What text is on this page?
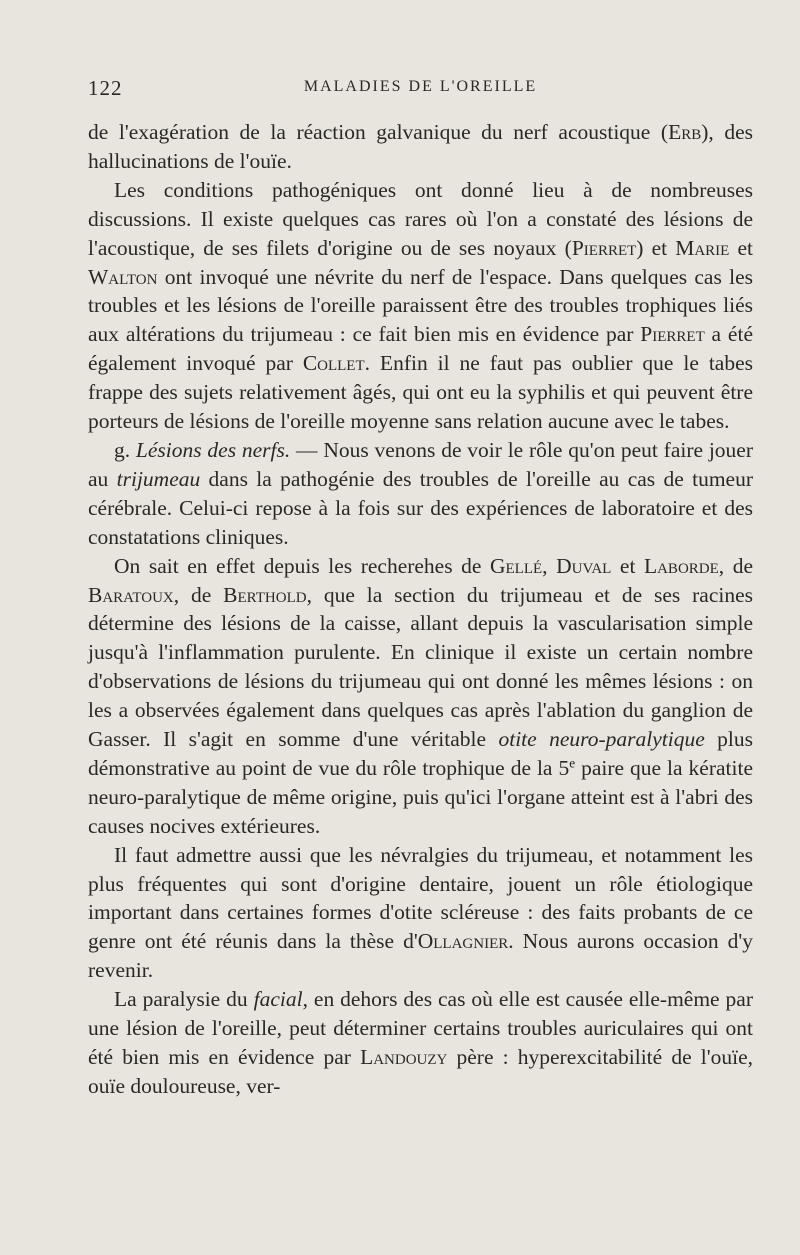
122	MALADIES DE L'OREILLE

de l'exagération de la réaction galvanique du nerf acoustique (Erb), des hallucinations de l'ouïe.

Les conditions pathogéniques ont donné lieu à de nombreuses discussions. Il existe quelques cas rares où l'on a constaté des lésions de l'acoustique, de ses filets d'origine ou de ses noyaux (Pierret) et Marie et Walton ont invoqué une névrite du nerf de l'espace. Dans quelques cas les troubles et les lésions de l'oreille paraissent être des troubles trophiques liés aux altérations du trijumeau : ce fait bien mis en évidence par Pierret a été également invoqué par Collet. Enfin il ne faut pas oublier que le tabes frappe des sujets relativement âgés, qui ont eu la syphilis et qui peuvent être porteurs de lésions de l'oreille moyenne sans relation aucune avec le tabes.

g. Lésions des nerfs. — Nous venons de voir le rôle qu'on peut faire jouer au trijumeau dans la pathogénie des troubles de l'oreille au cas de tumeur cérébrale. Celui-ci repose à la fois sur des expériences de laboratoire et des constatations cliniques.

On sait en effet depuis les recherehes de Gellé, Duval et Laborde, de Baratoux, de Berthold, que la section du trijumeau et de ses racines détermine des lésions de la caisse, allant depuis la vascularisation simple jusqu'à l'inflammation purulente. En clinique il existe un certain nombre d'observations de lésions du trijumeau qui ont donné les mêmes lésions : on les a observées également dans quelques cas après l'ablation du ganglion de Gasser. Il s'agit en somme d'une véritable otite neuro-paralytique plus démonstrative au point de vue du rôle trophique de la 5e paire que la kératite neuro-paralytique de même origine, puis qu'ici l'organe atteint est à l'abri des causes nocives extérieures.

Il faut admettre aussi que les névralgies du trijumeau, et notamment les plus fréquentes qui sont d'origine dentaire, jouent un rôle étiologique important dans certaines formes d'otite scléreuse : des faits probants de ce genre ont été réunis dans la thèse d'Ollagnier. Nous aurons occasion d'y revenir.

La paralysie du facial, en dehors des cas où elle est causée elle-même par une lésion de l'oreille, peut déterminer certains troubles auriculaires qui ont été bien mis en évidence par Landouzy père : hyperexcitabilité de l'ouïe, ouïe douloureuse, ver-
